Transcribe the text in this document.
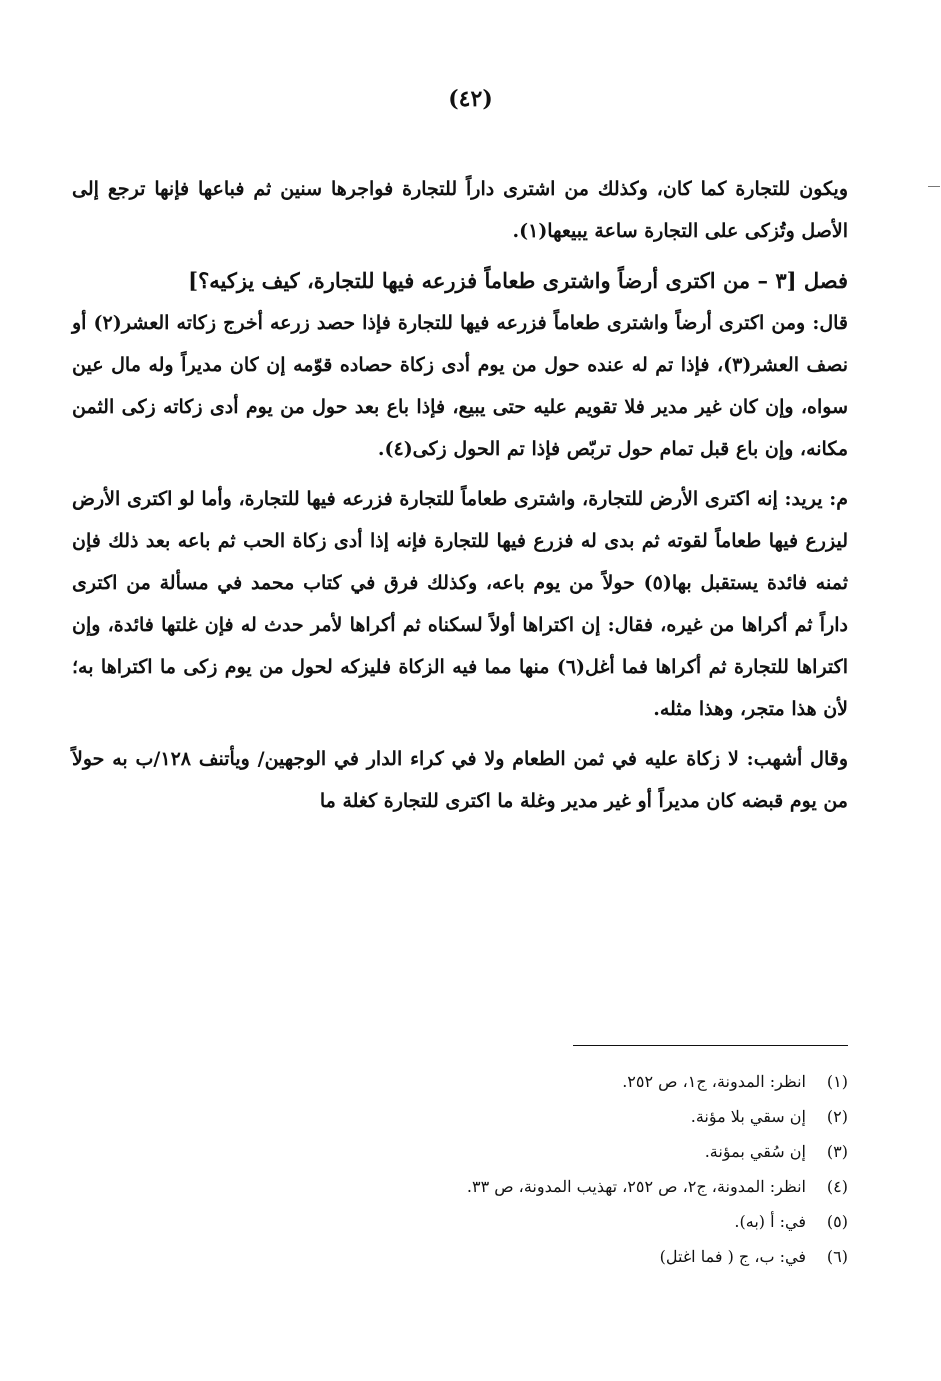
(٤٢)

ويكون للتجارة كما كان، وكذلك من اشترى داراً للتجارة فواجرها سنين ثم فباعها فإنها ترجع إلى الأصل وتُزكى على التجارة ساعة يبيعها(١).

فصل [٣ – من اكترى أرضاً واشترى طعاماً فزرعه فيها للتجارة، كيف يزكيه؟]

قال: ومن اكترى أرضاً واشترى طعاماً فزرعه فيها للتجارة فإذا حصد زرعه أخرج زكاته العشر(٢) أو نصف العشر(٣)، فإذا تم له عنده حول من يوم أدى زكاة حصاده قوّمه إن كان مديراً وله مال عين سواه، وإن كان غير مدير فلا تقويم عليه حتى يبيع، فإذا باع بعد حول من يوم أدى زكاته زكى الثمن مكانه، وإن باع قبل تمام حول تربّص فإذا تم الحول زكى(٤).

م: يريد: إنه اكترى الأرض للتجارة، واشترى طعاماً للتجارة فزرعه فيها للتجارة، وأما لو اكترى الأرض ليزرع فيها طعاماً لقوته ثم بدى له فزرع فيها للتجارة فإنه إذا أدى زكاة الحب ثم باعه بعد ذلك فإن ثمنه فائدة يستقبل بها(٥) حولاً من يوم باعه، وكذلك فرق في كتاب محمد في مسألة من اكترى داراً ثم أكراها من غيره، فقال: إن اكتراها أولاً لسكناه ثم أكراها لأمر حدث له فإن غلتها فائدة، وإن اكتراها للتجارة ثم أكراها فما أغل(٦) منها مما فيه الزكاة فليزكه لحول من يوم زكى ما اكتراها به؛ لأن هذا متجر، وهذا مثله.

وقال أشهب: لا زكاة عليه في ثمن الطعام ولا في كراء الدار في الوجهين/ ويأتنف ١٢٨/ب به حولاً من يوم قبضه كان مديراً أو غير مدير وغلة ما اكترى للتجارة كغلة ما

(١)
انظر: المدونة، ج١، ص ٢٥٢.
(٢)
إن سقي بلا مؤنة.
(٣)
إن سُقي بمؤنة.
(٤)
انظر: المدونة، ج٢، ص ٢٥٢، تهذيب المدونة، ص ٣٣.
(٥)
في: أ (به).
(٦)
في: ب، ج ( فما اغتل)
